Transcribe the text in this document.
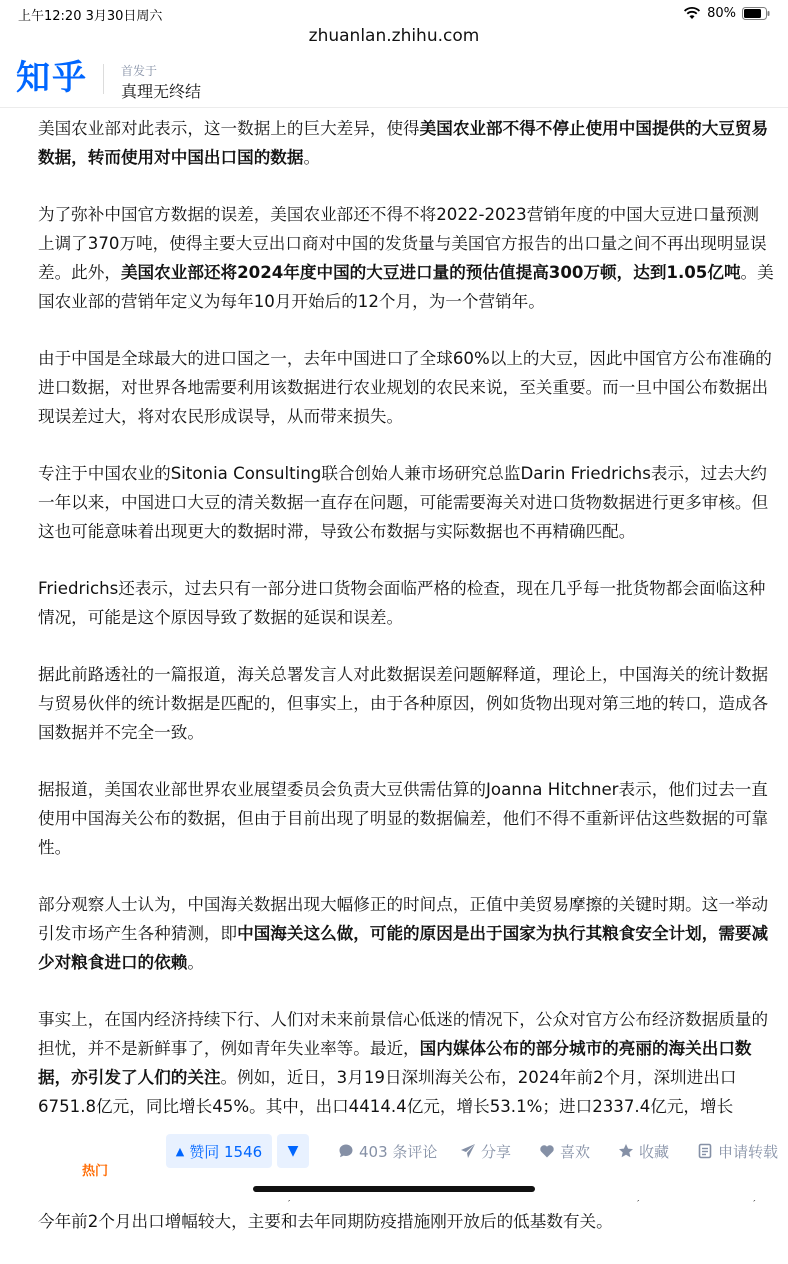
上午12:20 3月30日周六	80%
zhuanlan.zhihu.com
知乎	首发于
真理无终结

美国农业部对此表示，这一数据上的巨大差异，使得美国农业部不得不停止使用中国提供的大豆贸易数据，转而使用对中国出口国的数据。

为了弥补中国官方数据的误差，美国农业部还不得不将2022-2023营销年度的中国大豆进口量预测上调了370万吨，使得主要大豆出口商对中国的发货量与美国官方报告的出口量之间不再出现明显误差。此外，美国农业部还将2024年度中国的大豆进口量的预估值提高300万顿，达到1.05亿吨。美国农业部的营销年定义为每年10月开始后的12个月，为一个营销年。

由于中国是全球最大的进口国之一，去年中国进口了全球60%以上的大豆，因此中国官方公布准确的进口数据，对世界各地需要利用该数据进行农业规划的农民来说，至关重要。而一旦中国公布数据出现误差过大，将对农民形成误导，从而带来损失。

专注于中国农业的Sitonia Consulting联合创始人兼市场研究总监Darin Friedrichs表示，过去大约一年以来，中国进口大豆的清关数据一直存在问题，可能需要海关对进口货物数据进行更多审核。但这也可能意味着出现更大的数据时滞，导致公布数据与实际数据也不再精确匹配。

Friedrichs还表示，过去只有一部分进口货物会面临严格的检查，现在几乎每一批货物都会面临这种情况，可能是这个原因导致了数据的延误和误差。

据此前路透社的一篇报道，海关总署发言人对此数据误差问题解释道，理论上，中国海关的统计数据与贸易伙伴的统计数据是匹配的，但事实上，由于各种原因，例如货物出现对第三地的转口，造成各国数据并不完全一致。

据报道，美国农业部世界农业展望委员会负责大豆供需估算的Joanna Hitchner表示，他们过去一直使用中国海关公布的数据，但由于目前出现了明显的数据偏差，他们不得不重新评估这些数据的可靠性。

部分观察人士认为，中国海关数据出现大幅修正的时间点，正值中美贸易摩擦的关键时期。这一举动引发市场产生各种猜测，即中国海关这么做，可能的原因是出于国家为执行其粮食安全计划，需要减少对粮食进口的依赖。

事实上，在国内经济持续下行、人们对未来前景信心低迷的情况下，公众对官方公布经济数据质量的担忧，并不是新鲜事了，例如青年失业率等。最近，国内媒体公布的部分城市的亮丽的海关出口数据，亦引发了人们的关注。例如，近日，3月19日深圳海关公布，2024年前2个月，深圳进出口6751.8亿元，同比增长45%。其中，出口4414.4亿元，增长53.1%；进口2337.4亿元，增长

今年前2个月出口增幅较大，主要和去年同期防疫措施刚开放后的低基数有关。

热门
▲ 赞同 1546	▼	403 条评论	分享	喜欢	收藏	申请转载
